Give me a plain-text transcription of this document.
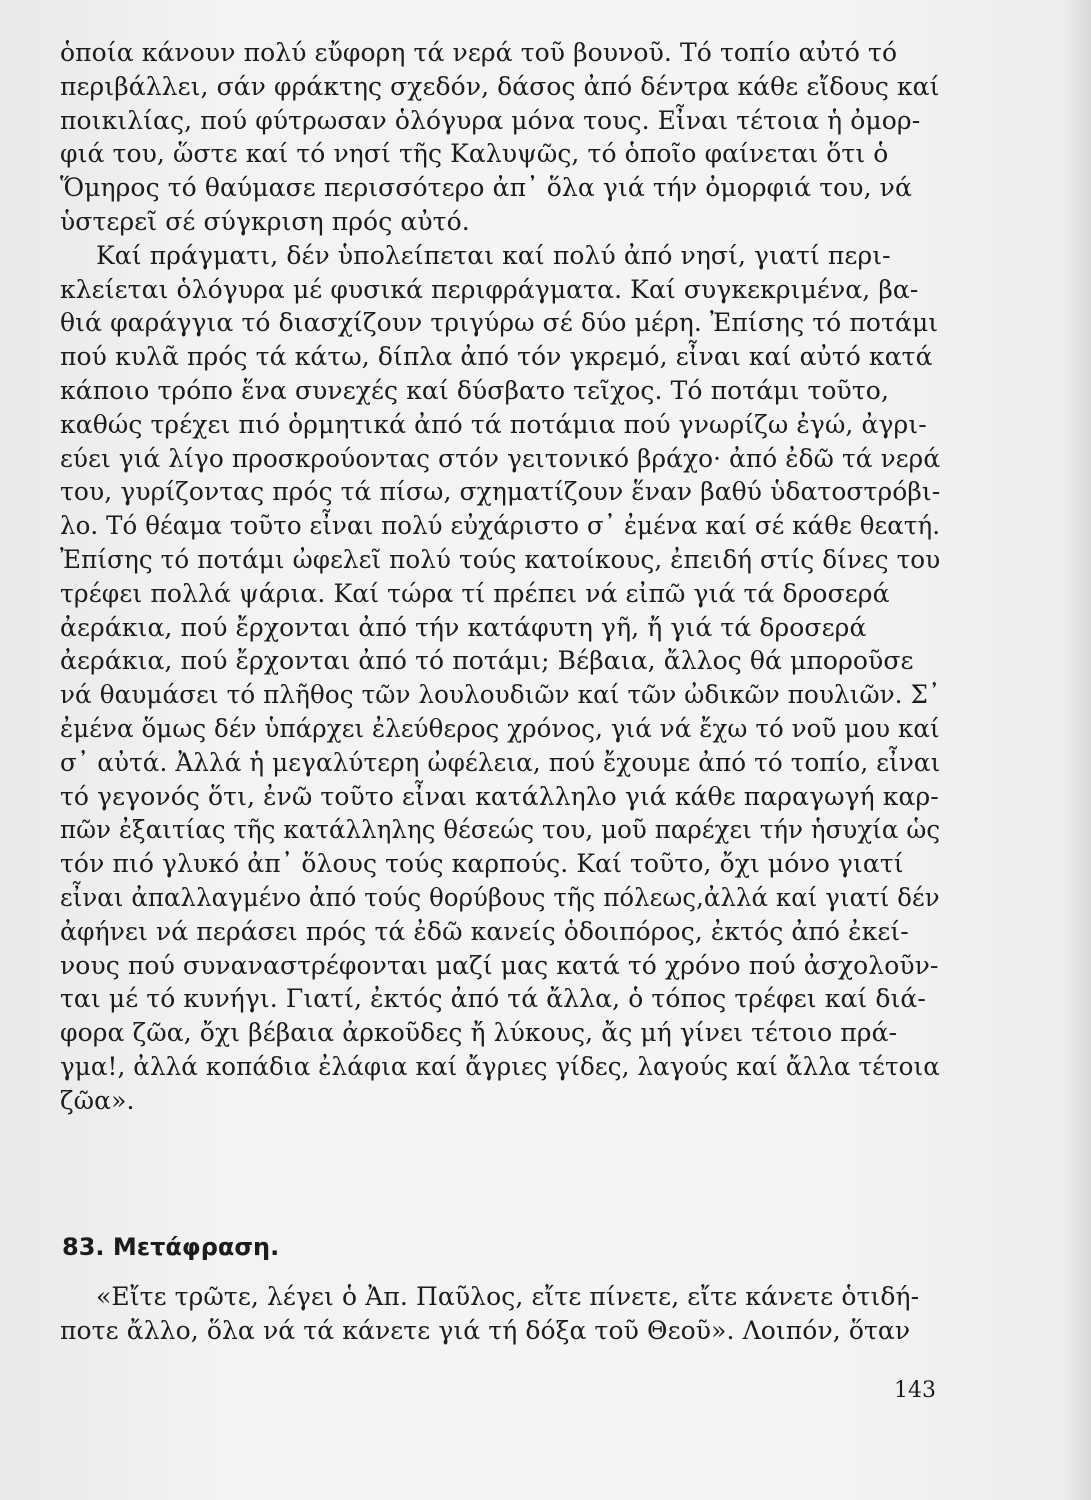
ὁποία κάνουν πολύ εὔφορη τά νερά τοῦ βουνοῦ. Τό τοπίο αὐτό τό
περιβάλλει, σάν φράκτης σχεδόν, δάσος ἀπό δέντρα κάθε εἴδους καί
ποικιλίας, πού φύτρωσαν ὁλόγυρα μόνα τους. Εἶναι τέτοια ἡ ὀμορ-
φιά του, ὥστε καί τό νησί τῆς Καλυψῶς, τό ὁποῖο φαίνεται ὅτι ὁ
Ὅμηρος τό θαύμασε περισσότερο ἀπ᾽ ὅλα γιά τήν ὀμορφιά του, νά
ὑστερεῖ σέ σύγκριση πρός αὐτό.
Καί πράγματι, δέν ὑπολείπεται καί πολύ ἀπό νησί, γιατί περι-
κλείεται ὁλόγυρα μέ φυσικά περιφράγματα. Καί συγκεκριμένα, βα-
θιά φαράγγια τό διασχίζουν τριγύρω σέ δύο μέρη. Ἐπίσης τό ποτάμι
πού κυλᾶ πρός τά κάτω, δίπλα ἀπό τόν γκρεμό, εἶναι καί αὐτό κατά
κάποιο τρόπο ἕνα συνεχές καί δύσβατο τεῖχος. Τό ποτάμι τοῦτο,
καθώς τρέχει πιό ὁρμητικά ἀπό τά ποτάμια πού γνωρίζω ἐγώ, ἀγρι-
εύει γιά λίγο προσκρούοντας στόν γειτονικό βράχο· ἀπό ἐδῶ τά νερά
του, γυρίζοντας πρός τά πίσω, σχηματίζουν ἕναν βαθύ ὑδατοστρόβι-
λο. Τό θέαμα τοῦτο εἶναι πολύ εὐχάριστο σ᾽ ἐμένα καί σέ κάθε θεατή.
Ἐπίσης τό ποτάμι ὠφελεῖ πολύ τούς κατοίκους, ἐπειδή στίς δίνες του
τρέφει πολλά ψάρια. Καί τώρα τί πρέπει νά εἰπῶ γιά τά δροσερά
ἀεράκια, πού ἔρχονται ἀπό τήν κατάφυτη γῆ, ἤ γιά τά δροσερά
ἀεράκια, πού ἔρχονται ἀπό τό ποτάμι; Βέβαια, ἄλλος θά μποροῦσε
νά θαυμάσει τό πλῆθος τῶν λουλουδιῶν καί τῶν ὠδικῶν πουλιῶν. Σ᾽
ἐμένα ὅμως δέν ὑπάρχει ἐλεύθερος χρόνος, γιά νά ἔχω τό νοῦ μου καί
σ᾽ αὐτά. Ἀλλά ἡ μεγαλύτερη ὠφέλεια, πού ἔχουμε ἀπό τό τοπίο, εἶναι
τό γεγονός ὅτι, ἐνῶ τοῦτο εἶναι κατάλληλο γιά κάθε παραγωγή καρ-
πῶν ἐξαιτίας τῆς κατάλληλης θέσεώς του, μοῦ παρέχει τήν ἡσυχία ὡς
τόν πιό γλυκό ἀπ᾽ ὅλους τούς καρπούς. Καί τοῦτο, ὄχι μόνο γιατί
εἶναι ἀπαλλαγμένο ἀπό τούς θορύβους τῆς πόλεως,ἀλλά καί γιατί δέν
ἀφήνει νά περάσει πρός τά ἐδῶ κανείς ὁδοιπόρος, ἐκτός ἀπό ἐκεί-
νους πού συναναστρέφονται μαζί μας κατά τό χρόνο πού ἀσχολοῦν-
ται μέ τό κυνήγι. Γιατί, ἐκτός ἀπό τά ἄλλα, ὁ τόπος τρέφει καί διά-
φορα ζῶα, ὄχι βέβαια ἀρκοῦδες ἤ λύκους, ἄς μή γίνει τέτοιο πρά-
γμα!, ἀλλά κοπάδια ἐλάφια καί ἄγριες γίδες, λαγούς καί ἄλλα τέτοια
ζῶα».
83. Μετάφραση.
«Εἴτε τρῶτε, λέγει ὁ Ἀπ. Παῦλος, εἴτε πίνετε, εἴτε κάνετε ὁτιδή-
ποτε ἄλλο, ὅλα νά τά κάνετε γιά τή δόξα τοῦ Θεοῦ». Λοιπόν, ὅταν
143
